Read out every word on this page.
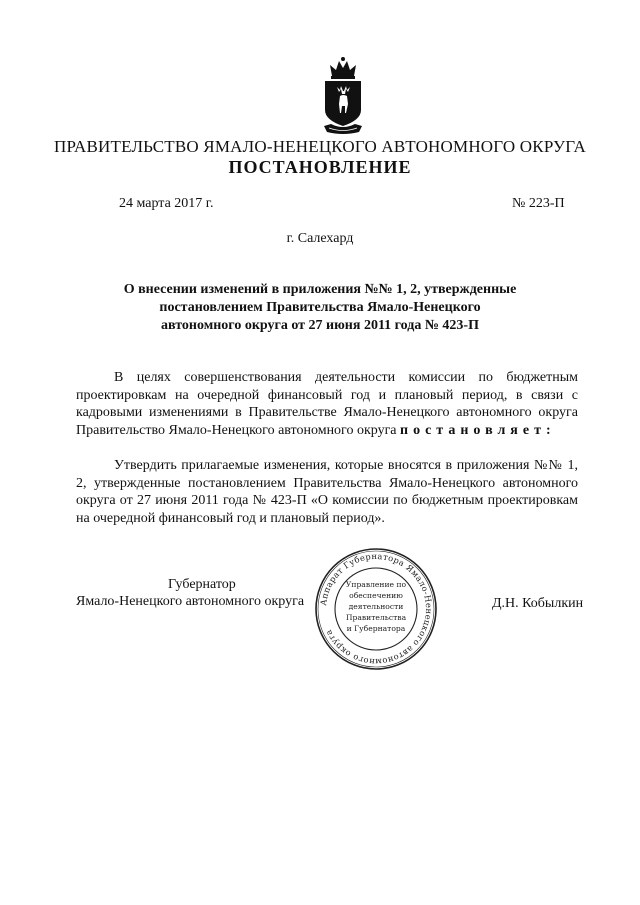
ПРАВИТЕЛЬСТВО ЯМАЛО-НЕНЕЦКОГО АВТОНОМНОГО ОКРУГА
ПОСТАНОВЛЕНИЕ
24 марта 2017 г.	№ 223-П
г. Салехард
О внесении изменений в приложения №№ 1, 2, утвержденные
постановлением Правительства Ямало-Ненецкого
автономного округа от 27 июня 2011 года № 423-П
В целях совершенствования деятельности комиссии по бюджетным проектировкам на очередной финансовый год и плановый период, в связи с кадровыми изменениями в Правительстве Ямало-Ненецкого автономного округа Правительство Ямало-Ненецкого автономного округа постановляет:
Утвердить прилагаемые изменения, которые вносятся в приложения №№ 1, 2, утвержденные постановлением Правительства Ямало-Ненецкого автономного округа от 27 июня 2011 года № 423-П «О комиссии по бюджетным проектировкам на очередной финансовый год и плановый период».
Губернатор
Ямало-Ненецкого автономного округа	Д.Н. Кобылкин
Аппарат Губернатора Ямало-Ненецкого автономного округа
Управление по
обеспечению
деятельности
Правительства
и Губернатора
